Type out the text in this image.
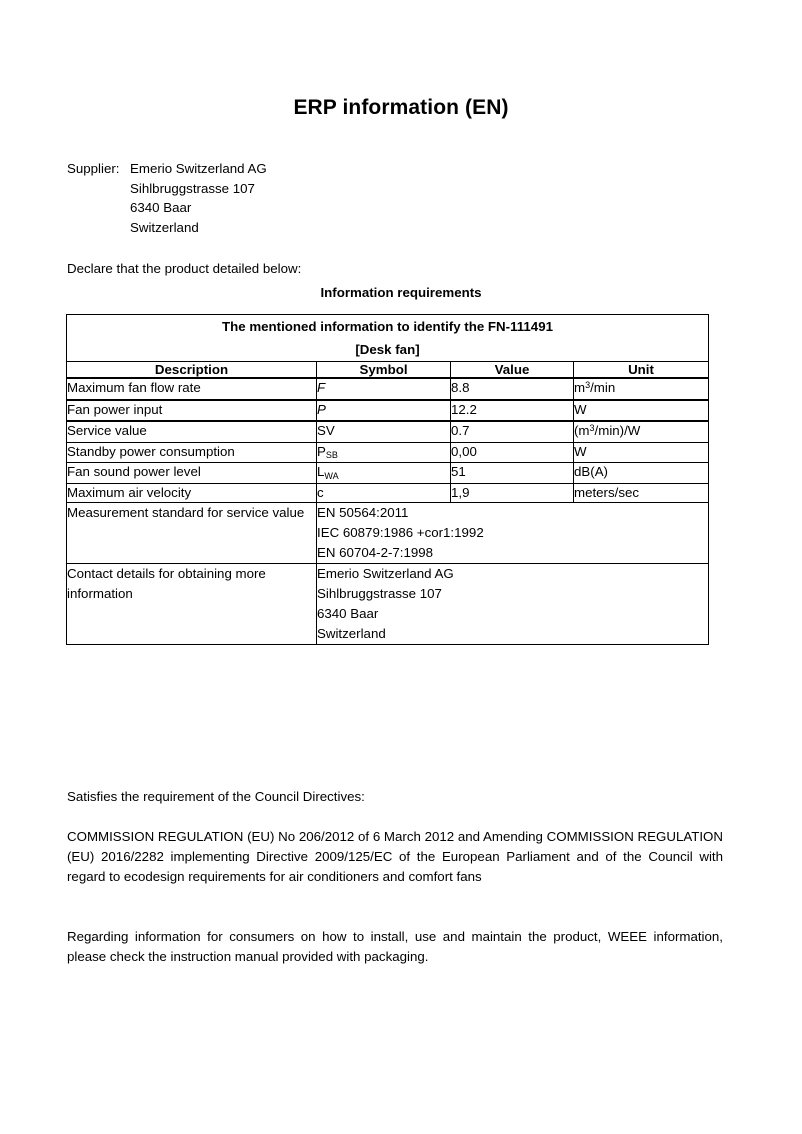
ERP information (EN)
Supplier: Emerio Switzerland AG
Sihlbruggstrasse 107
6340 Baar
Switzerland
Declare that the product detailed below:
Information requirements
The mentioned information to identify the FN-111491
[Desk fan]			

Description	Symbol	Value	Unit
Maximum fan flow rate	F	8.8	$m^3/\min$
Fan power input	P	12.2	W
Service value	SV	0.7	$(m^3/\min)/W$
Standby power consumption	$P_{SB}$	0,00	W
Fan sound power level	$L_{WA}$	51	dB(A)
Maximum air velocity	c	1,9	meters/sec
Measurement standard for service value	EN 50564:2011
IEC 60879:1986 +cor1:1992
EN 60704-2-7:1998		

Contact details for obtaining more information	Emerio Switzerland AG
Sihlbruggstrasse 107
6340 Baar
Switzerland		
Satisfies the requirement of the Council Directives:
COMMISSION REGULATION (EU) No 206/2012 of 6 March 2012 and Amending COMMISSION REGULATION (EU) 2016/2282 implementing Directive 2009/125/EC of the European Parliament and of the Council with regard to ecodesign requirements for air conditioners and comfort fans
Regarding information for consumers on how to install, use and maintain the product, WEEE information, please check the instruction manual provided with packaging.
